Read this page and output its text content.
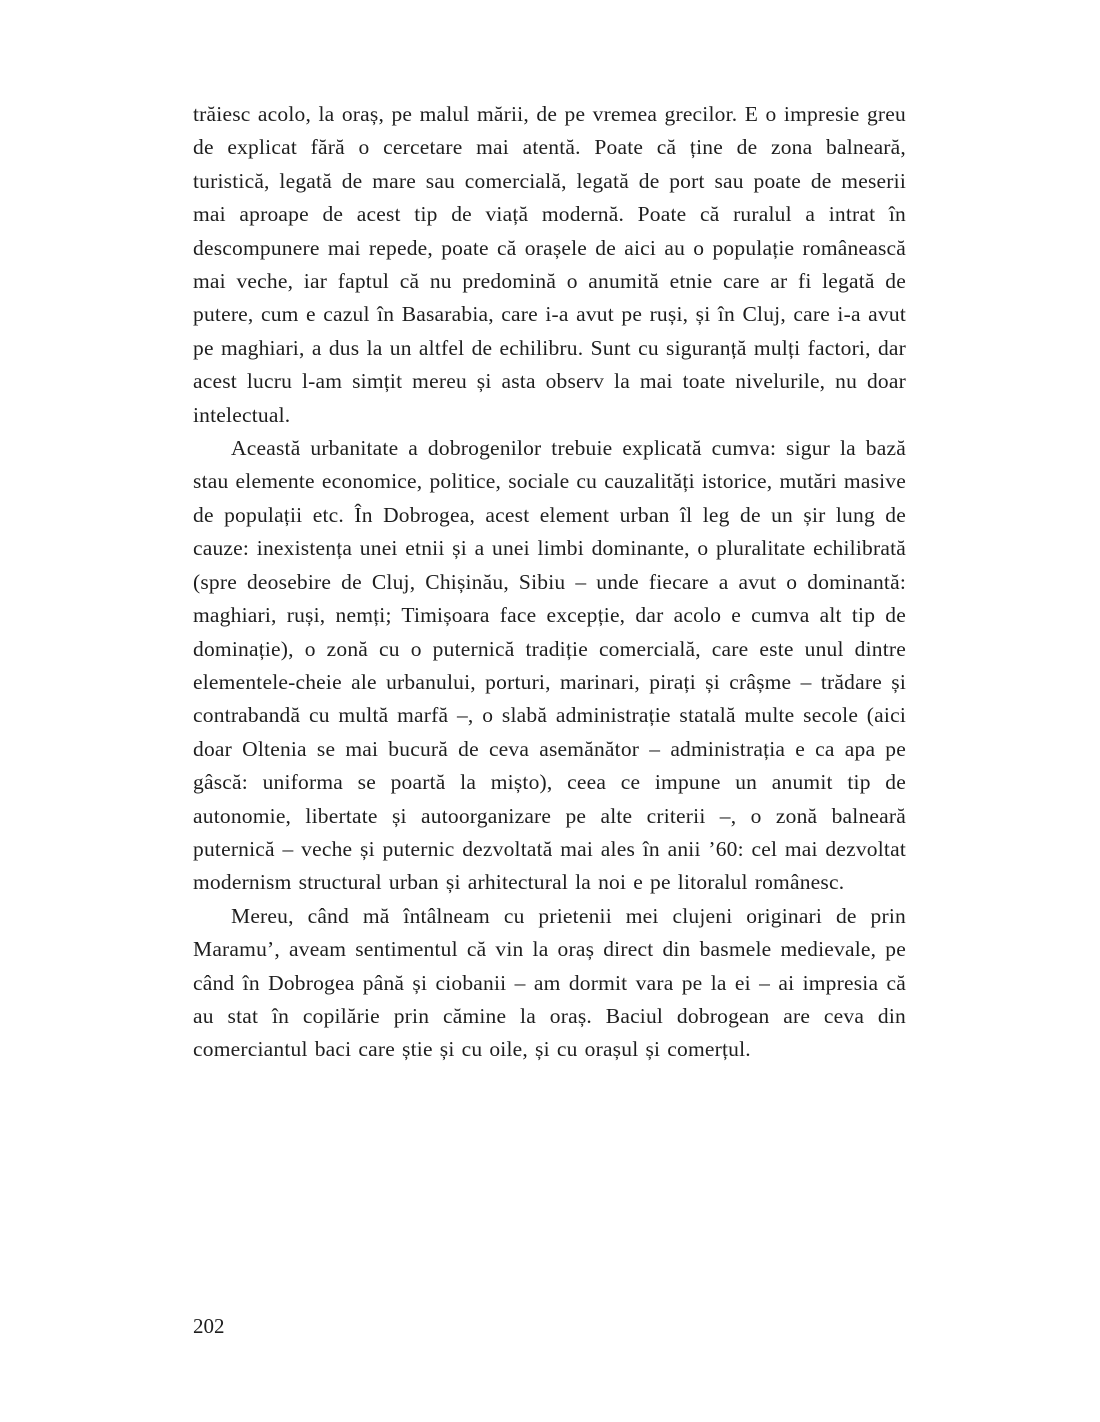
trăiesc acolo, la oraș, pe malul mării, de pe vremea grecilor. E o impresie greu de explicat fără o cercetare mai atentă. Poate că ține de zona balneară, turistică, legată de mare sau comercială, legată de port sau poate de meserii mai aproape de acest tip de viață modernă. Poate că ruralul a intrat în descompunere mai repede, poate că orașele de aici au o populație românească mai veche, iar faptul că nu predomină o anumită etnie care ar fi legată de putere, cum e cazul în Basarabia, care i-a avut pe ruși, și în Cluj, care i-a avut pe maghiari, a dus la un altfel de echilibru. Sunt cu siguranță mulți factori, dar acest lucru l-am simțit mereu și asta observ la mai toate nivelurile, nu doar intelectual.

Această urbanitate a dobrogenilor trebuie explicată cumva: sigur la bază stau elemente economice, politice, sociale cu cauzalități istorice, mutări masive de populații etc. În Dobrogea, acest element urban îl leg de un șir lung de cauze: inexistența unei etnii și a unei limbi dominante, o pluralitate echilibrată (spre deosebire de Cluj, Chișinău, Sibiu – unde fiecare a avut o dominantă: maghiari, ruși, nemți; Timișoara face excepție, dar acolo e cumva alt tip de dominație), o zonă cu o puternică tradiție comercială, care este unul dintre elementele-cheie ale urbanului, porturi, marinari, pirați și crâșme – trădare și contrabandă cu multă marfă –, o slabă administrație statală multe secole (aici doar Oltenia se mai bucură de ceva asemănător – administrația e ca apa pe gâscă: uniforma se poartă la mișto), ceea ce impune un anumit tip de autonomie, libertate și autoorganizare pe alte criterii –, o zonă balneară puternică – veche și puternic dezvoltată mai ales în anii ’60: cel mai dezvoltat modernism structural urban și arhitectural la noi e pe litoralul românesc.

Mereu, când mă întâlneam cu prietenii mei clujeni originari de prin Maramu’, aveam sentimentul că vin la oraș direct din basmele medievale, pe când în Dobrogea până și ciobanii – am dormit vara pe la ei – ai impresia că au stat în copilărie prin cămine la oraș. Baciul dobrogean are ceva din comerciantul baci care știe și cu oile, și cu orașul și comerțul.

202
